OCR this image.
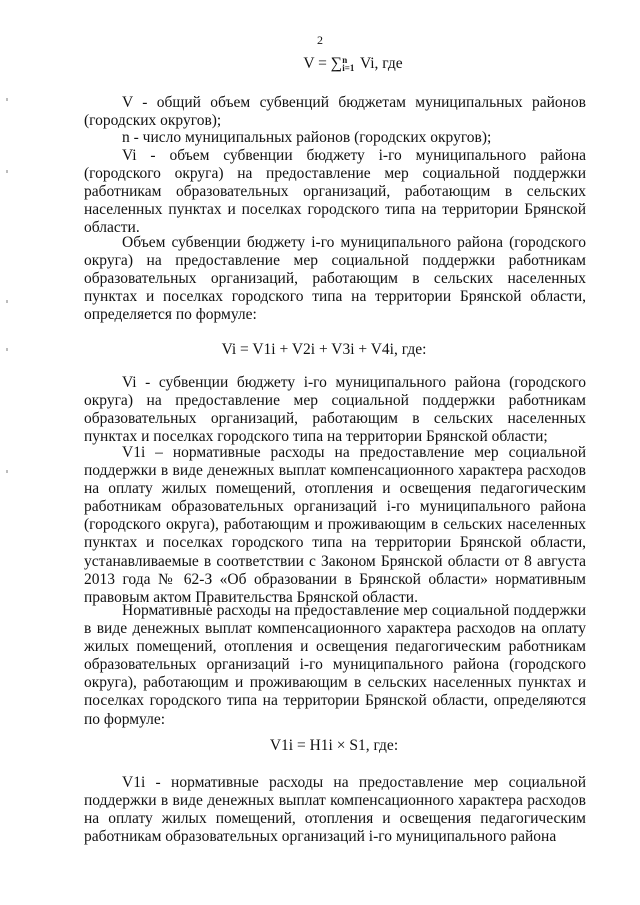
2
V = ∑n
i=1 Vi, где

V - общий объем субвенций бюджетам муниципальных районов (городских округов);

n - число муниципальных районов (городских округов);

Vi - объем субвенции бюджету i-го муниципального района (городского округа) на предоставление мер социальной поддержки работникам образовательных организаций, работающим в сельских населенных пунктах и поселках городского типа на территории Брянской области.

Объем субвенции бюджету i-го муниципального района (городского округа) на предоставление мер социальной поддержки работникам образовательных организаций, работающим в сельских населенных пунктах и поселках городского типа на территории Брянской области, определяется по формуле:

Vi = V1i + V2i + V3i + V4i, где:

Vi - субвенции бюджету i-го муниципального района (городского округа) на предоставление мер социальной поддержки работникам образовательных организаций, работающим в сельских населенных пунктах и поселках городского типа на территории Брянской области;

V1i – нормативные расходы на предоставление мер социальной поддержки в виде денежных выплат компенсационного характера расходов на оплату жилых помещений, отопления и освещения педагогическим работникам образовательных организаций i-го муниципального района (городского округа), работающим и проживающим в сельских населенных пунктах и поселках городского типа на территории Брянской области, устанавливаемые в соответствии с Законом Брянской области от 8 августа 2013 года № 62-З «Об образовании в Брянской области» нормативным правовым актом Правительства Брянской области.

Нормативные расходы на предоставление мер социальной поддержки в виде денежных выплат компенсационного характера расходов на оплату жилых помещений, отопления и освещения педагогическим работникам образовательных организаций i-го муниципального района (городского округа), работающим и проживающим в сельских населенных пунктах и поселках городского типа на территории Брянской области, определяются по формуле:

V1i = H1i × S1, где:

V1i - нормативные расходы на предоставление мер социальной поддержки в виде денежных выплат компенсационного характера расходов на оплату жилых помещений, отопления и освещения педагогическим работникам образовательных организаций i-го муниципального района
